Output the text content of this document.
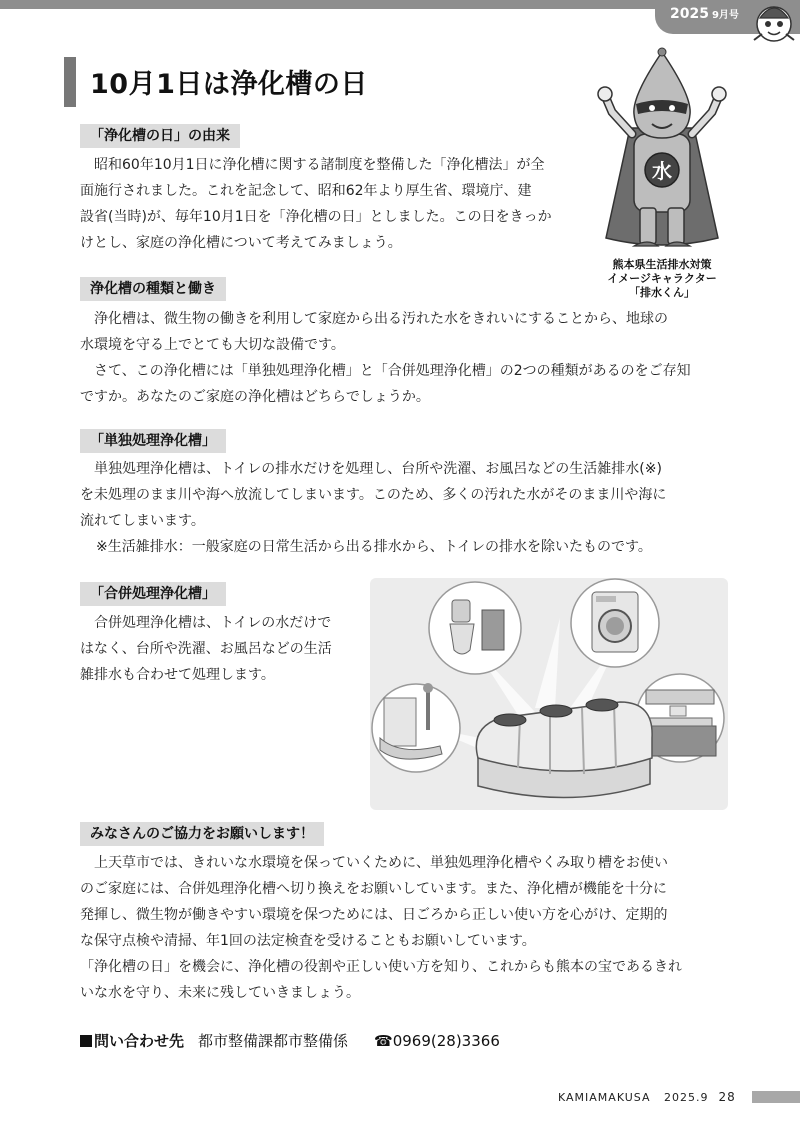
2025 9月号
10月1日は浄化槽の日
水
熊本県生活排水対策
イメージキャラクター
「排水くん」
「浄化槽の日」の由来
昭和60年10月1日に浄化槽に関する諸制度を整備した「浄化槽法」が全
面施行されました。これを記念して、昭和62年より厚生省、環境庁、建
設省(当時)が、毎年10月1日を「浄化槽の日」としました。この日をきっか
けとし、家庭の浄化槽について考えてみましょう。
浄化槽の種類と働き
浄化槽は、微生物の働きを利用して家庭から出る汚れた水をきれいにすることから、地球の
水環境を守る上でとても大切な設備です。
さて、この浄化槽には「単独処理浄化槽」と「合併処理浄化槽」の2つの種類があるのをご存知
ですか。あなたのご家庭の浄化槽はどちらでしょうか。
「単独処理浄化槽」
単独処理浄化槽は、トイレの排水だけを処理し、台所や洗濯、お風呂などの生活雑排水(※)
を未処理のまま川や海へ放流してしまいます。このため、多くの汚れた水がそのまま川や海に
流れてしまいます。
※生活雑排水：一般家庭の日常生活から出る排水から、トイレの排水を除いたものです。
「合併処理浄化槽」
合併処理浄化槽は、トイレの水だけで
はなく、台所や洗濯、お風呂などの生活
雑排水も合わせて処理します。
みなさんのご協力をお願いします！
上天草市では、きれいな水環境を保っていくために、単独処理浄化槽やくみ取り槽をお使い
のご家庭には、合併処理浄化槽へ切り換えをお願いしています。また、浄化槽が機能を十分に
発揮し、微生物が働きやすい環境を保つためには、日ごろから正しい使い方を心がけ、定期的
な保守点検や清掃、年1回の法定検査を受けることもお願いしています。
「浄化槽の日」を機会に、浄化槽の役割や正しい使い方を知り、これからも熊本の宝であるきれ
いな水を守り、未来に残していきましょう。
問い合わせ先 都市整備課都市整備係 ☎0969(28)3366
KAMIAMAKUSA 2025.9 28
